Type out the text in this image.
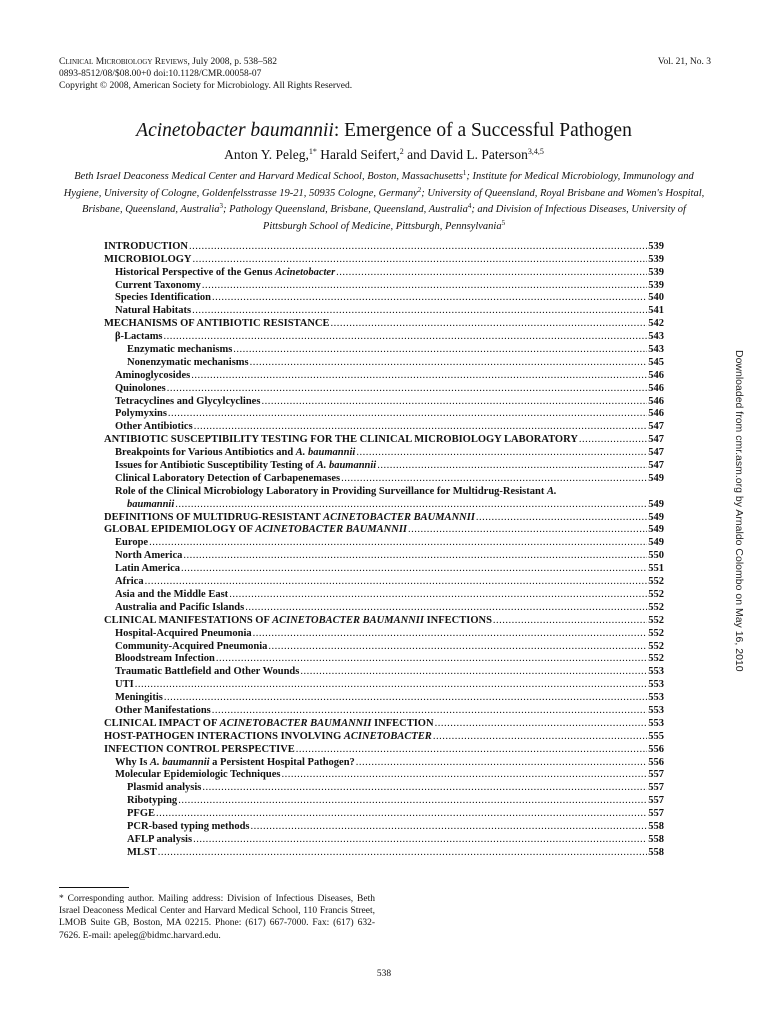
Clinical Microbiology Reviews, July 2008, p. 538–582
0893-8512/08/$08.00+0 doi:10.1128/CMR.00058-07
Copyright © 2008, American Society for Microbiology. All Rights Reserved.
Vol. 21, No. 3
Acinetobacter baumannii: Emergence of a Successful Pathogen
Anton Y. Peleg,$^{1*}$ Harald Seifert,$^2$ and David L. Paterson$^{3,4,5}$
Beth Israel Deaconess Medical Center and Harvard Medical School, Boston, Massachusetts$^1$; Institute for Medical Microbiology, Immunology and Hygiene, University of Cologne, Goldenfelsstrasse 19-21, 50935 Cologne, Germany$^2$; University of Queensland, Royal Brisbane and Women's Hospital, Brisbane, Queensland, Australia$^3$; Pathology Queensland, Brisbane, Queensland, Australia$^4$; and Division of Infectious Diseases, University of Pittsburgh School of Medicine, Pittsburgh, Pennsylvania$^5$
INTRODUCTION .....	539
MICROBIOLOGY .....	539
Historical Perspective of the Genus Acinetobacter .....	539
Current Taxonomy .....	539
Species Identification .....	540
Natural Habitats .....	541
MECHANISMS OF ANTIBIOTIC RESISTANCE .....	542
β-Lactams .....	543
Enzymatic mechanisms .....	543
Nonenzymatic mechanisms .....	545
Aminoglycosides .....	546
Quinolones .....	546
Tetracyclines and Glycylcyclines .....	546
Polymyxins .....	546
Other Antibiotics .....	547
ANTIBIOTIC SUSCEPTIBILITY TESTING FOR THE CLINICAL MICROBIOLOGY LABORATORY .....	547
Breakpoints for Various Antibiotics and A. baumannii .....	547
Issues for Antibiotic Susceptibility Testing of A. baumannii .....	547
Clinical Laboratory Detection of Carbapenemases .....	549
Role of the Clinical Microbiology Laboratory in Providing Surveillance for Multidrug-Resistant A.
baumannii .....	549
DEFINITIONS OF MULTIDRUG-RESISTANT ACINETOBACTER BAUMANNII .....	549
GLOBAL EPIDEMIOLOGY OF ACINETOBACTER BAUMANNII .....	549
Europe .....	549
North America .....	550
Latin America .....	551
Africa .....	552
Asia and the Middle East .....	552
Australia and Pacific Islands .....	552
CLINICAL MANIFESTATIONS OF ACINETOBACTER BAUMANNII INFECTIONS .....	552
Hospital-Acquired Pneumonia .....	552
Community-Acquired Pneumonia .....	552
Bloodstream Infection .....	552
Traumatic Battlefield and Other Wounds .....	553
UTI .....	553
Meningitis .....	553
Other Manifestations .....	553
CLINICAL IMPACT OF ACINETOBACTER BAUMANNII INFECTION .....	553
HOST-PATHOGEN INTERACTIONS INVOLVING ACINETOBACTER .....	555
INFECTION CONTROL PERSPECTIVE .....	556
Why Is A. baumannii a Persistent Hospital Pathogen? .....	556
Molecular Epidemiologic Techniques .....	557
Plasmid analysis .....	557
Ribotyping .....	557
PFGE .....	557
PCR-based typing methods .....	558
AFLP analysis .....	558
MLST .....	558
Downloaded from cmr.asm.org by Arnaldo Colombo on May 16, 2010
* Corresponding author. Mailing address: Division of Infectious Diseases, Beth Israel Deaconess Medical Center and Harvard Medical School, 110 Francis Street, LMOB Suite GB, Boston, MA 02215. Phone: (617) 667-7000. Fax: (617) 632-7626. E-mail: apeleg@bidmc.harvard.edu.
538
